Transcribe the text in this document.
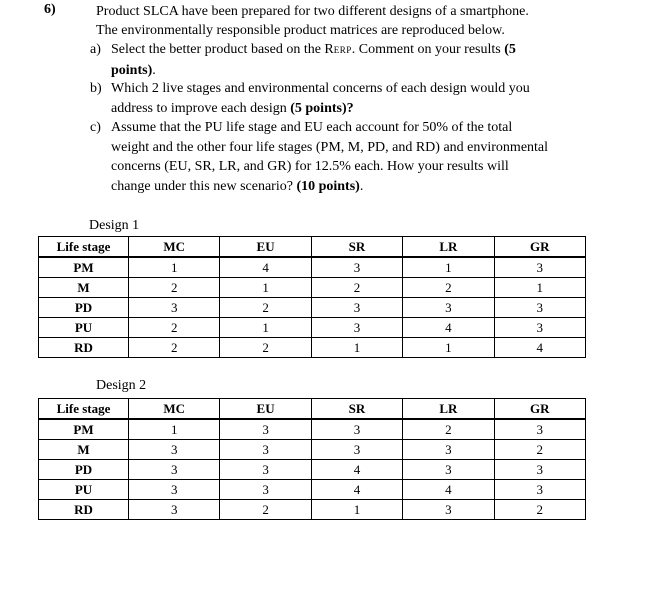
6)	Product SLCA have been prepared for two different designs of a smartphone.
The environmentally responsible product matrices are reproduced below.
a) Select the better product based on the RERP. Comment on your results (5
points).
b) Which 2 live stages and environmental concerns of each design would you
address to improve each design (5 points)?
c) Assume that the PU life stage and EU each account for 50% of the total
weight and the other four life stages (PM, M, PD, and RD) and environmental
concerns (EU, SR, LR, and GR) for 12.5% each. How your results will
change under this new scenario? (10 points).
Design 1
Life stage	MC	EU	SR	LR	GR
PM	1	4	3	1	3
M	2	1	2	2	1
PD	3	2	3	3	3
PU	2	1	3	4	3
RD	2	2	1	1	4
Design 2
Life stage	MC	EU	SR	LR	GR
PM	1	3	3	2	3
M	3	3	3	3	2
PD	3	3	4	3	3
PU	3	3	4	4	3
RD	3	2	1	3	2
